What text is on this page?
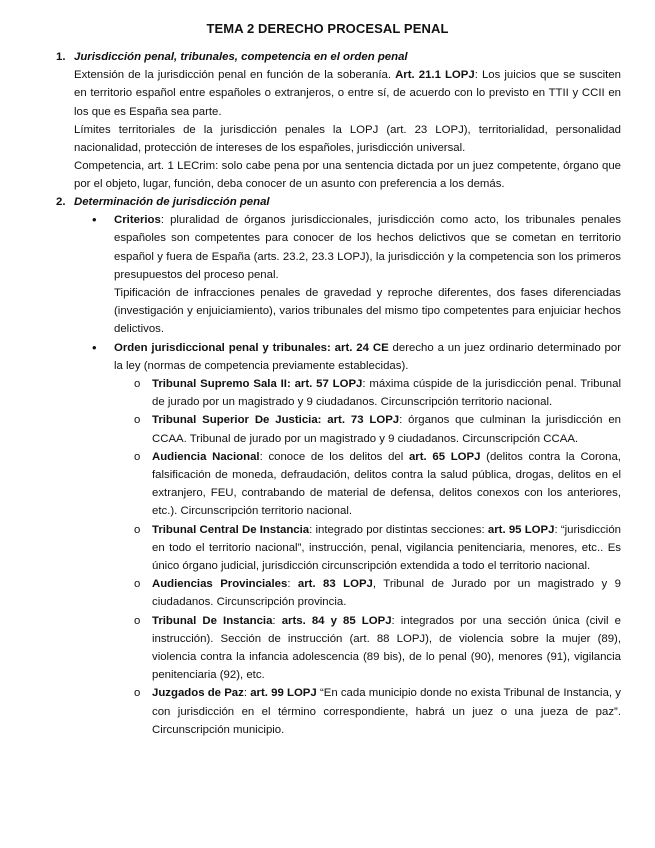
TEMA 2 DERECHO PROCESAL PENAL
1. Jurisdicción penal, tribunales, competencia en el orden penal
Extensión de la jurisdicción penal en función de la soberanía. Art. 21.1 LOPJ: Los juicios que se susciten en territorio español entre españoles o extranjeros, o entre sí, de acuerdo con lo previsto en TTII y CCII en los que es España sea parte.
Límites territoriales de la jurisdicción penales la LOPJ (art. 23 LOPJ), territorialidad, personalidad nacionalidad, protección de intereses de los españoles, jurisdicción universal.
Competencia, art. 1 LECrim: solo cabe pena por una sentencia dictada por un juez competente, órgano que por el objeto, lugar, función, deba conocer de un asunto con preferencia a los demás.
2. Determinación de jurisdicción penal
• Criterios: pluralidad de órganos jurisdiccionales, jurisdicción como acto, los tribunales penales españoles son competentes para conocer de los hechos delictivos que se cometan en territorio español y fuera de España (arts. 23.2, 23.3 LOPJ), la jurisdicción y la competencia son los primeros presupuestos del proceso penal.
Tipificación de infracciones penales de gravedad y reproche diferentes, dos fases diferenciadas (investigación y enjuiciamiento), varios tribunales del mismo tipo competentes para enjuiciar hechos delictivos.
• Orden jurisdiccional penal y tribunales: art. 24 CE derecho a un juez ordinario determinado por la ley (normas de competencia previamente establecidas).
o Tribunal Supremo Sala II: art. 57 LOPJ: máxima cúspide de la jurisdicción penal. Tribunal de jurado por un magistrado y 9 ciudadanos. Circunscripción territorio nacional.
o Tribunal Superior De Justicia: art. 73 LOPJ: órganos que culminan la jurisdicción en CCAA. Tribunal de jurado por un magistrado y 9 ciudadanos. Circunscripción CCAA.
o Audiencia Nacional: conoce de los delitos del art. 65 LOPJ (delitos contra la Corona, falsificación de moneda, defraudación, delitos contra la salud pública, drogas, delitos en el extranjero, FEU, contrabando de material de defensa, delitos conexos con los anteriores, etc.). Circunscripción territorio nacional.
o Tribunal Central De Instancia: integrado por distintas secciones: art. 95 LOPJ: “jurisdicción en todo el territorio nacional”, instrucción, penal, vigilancia penitenciaria, menores, etc.. Es único órgano judicial, jurisdicción circunscripción extendida a todo el territorio nacional.
o Audiencias Provinciales: art. 83 LOPJ, Tribunal de Jurado por un magistrado y 9 ciudadanos. Circunscripción provincia.
o Tribunal De Instancia: arts. 84 y 85 LOPJ: integrados por una sección única (civil e instrucción). Sección de instrucción (art. 88 LOPJ), de violencia sobre la mujer (89), violencia contra la infancia adolescencia (89 bis), de lo penal (90), menores (91), vigilancia penitenciaria (92), etc.
o Juzgados de Paz: art. 99 LOPJ “En cada municipio donde no exista Tribunal de Instancia, y con jurisdicción en el término correspondiente, habrá un juez o una jueza de paz”. Circunscripción municipio.
